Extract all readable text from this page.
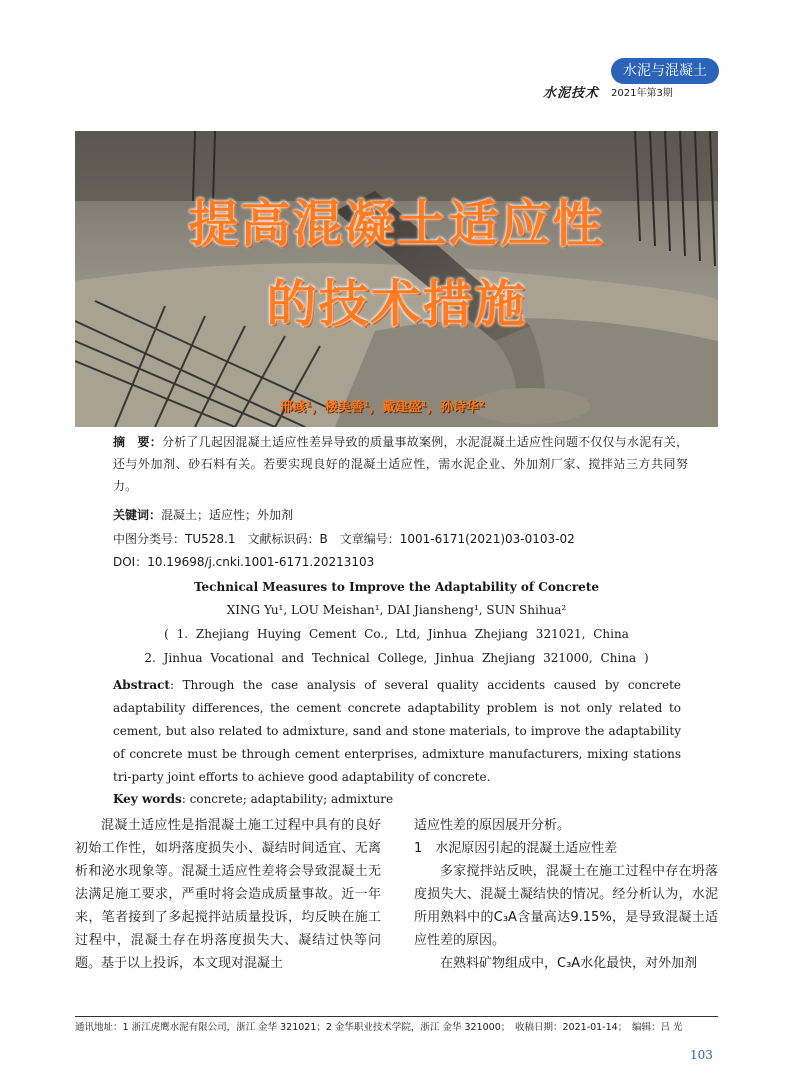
水泥与混凝土
水泥技术 2021年第3期
提高混凝土适应性
的技术措施
邢彧¹，楼美善¹，戴建盛¹，孙诗华²
摘　要：分析了几起因混凝土适应性差异导致的质量事故案例，水泥混凝土适应性问题不仅仅与水泥有关，还与外加剂、砂石料有关。若要实现良好的混凝土适应性，需水泥企业、外加剂厂家、搅拌站三方共同努力。
关键词：混凝土；适应性；外加剂
中图分类号：TU528.1　文献标识码：B　文章编号：1001-6171(2021)03-0103-02
DOI：10.19698/j.cnki.1001-6171.20213103
Technical Measures to Improve the Adaptability of Concrete
XING Yu¹, LOU Meishan¹, DAI Jiansheng¹, SUN Shihua²
( 1. Zhejiang Huying Cement Co., Ltd, Jinhua Zhejiang 321021, China
2. Jinhua Vocational and Technical College, Jinhua Zhejiang 321000, China )
Abstract: Through the case analysis of several quality accidents caused by concrete adaptability differences, the cement concrete adaptability problem is not only related to cement, but also related to admixture, sand and stone materials, to improve the adaptability of concrete must be through cement enterprises, admixture manufacturers, mixing stations tri-party joint efforts to achieve good adaptability of concrete.
Key words: concrete; adaptability; admixture
混凝土适应性是指混凝土施工过程中具有的良好初始工作性，如坍落度损失小、凝结时间适宜、无离析和泌水现象等。混凝土适应性差将会导致混凝土无法满足施工要求，严重时将会造成质量事故。近一年来，笔者接到了多起搅拌站质量投诉，均反映在施工过程中，混凝土存在坍落度损失大、凝结过快等问题。基于以上投诉，本文现对混凝土
适应性差的原因展开分析。
1　水泥原因引起的混凝土适应性差
多家搅拌站反映，混凝土在施工过程中存在坍落度损失大、混凝土凝结快的情况。经分析认为，水泥所用熟料中的C₃A含量高达9.15%，是导致混凝土适应性差的原因。
在熟料矿物组成中，C₃A水化最快，对外加剂
通讯地址：1 浙江虎鹰水泥有限公司，浙江 金华 321021；2 金华职业技术学院，浙江 金华 321000；　收稿日期：2021-01-14；　编辑：吕 光
103
